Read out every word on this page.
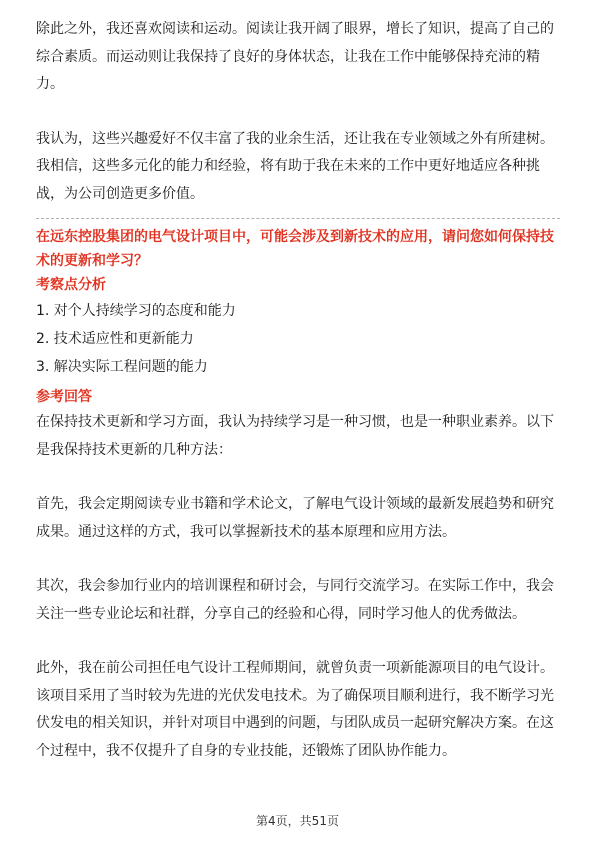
除此之外，我还喜欢阅读和运动。阅读让我开阔了眼界，增长了知识，提高了自己的综合素质。而运动则让我保持了良好的身体状态，让我在工作中能够保持充沛的精力。

我认为，这些兴趣爱好不仅丰富了我的业余生活，还让我在专业领域之外有所建树。我相信，这些多元化的能力和经验，将有助于我在未来的工作中更好地适应各种挑战，为公司创造更多价值。

在远东控股集团的电气设计项目中，可能会涉及到新技术的应用，请问您如何保持技术的更新和学习？

考察点分析

1. 对个人持续学习的态度和能力

2. 技术适应性和更新能力

3. 解决实际工程问题的能力

参考回答

在保持技术更新和学习方面，我认为持续学习是一种习惯，也是一种职业素养。以下是我保持技术更新的几种方法：

首先，我会定期阅读专业书籍和学术论文，了解电气设计领域的最新发展趋势和研究成果。通过这样的方式，我可以掌握新技术的基本原理和应用方法。

其次，我会参加行业内的培训课程和研讨会，与同行交流学习。在实际工作中，我会关注一些专业论坛和社群，分享自己的经验和心得，同时学习他人的优秀做法。

此外，我在前公司担任电气设计工程师期间，就曾负责一项新能源项目的电气设计。该项目采用了当时较为先进的光伏发电技术。为了确保项目顺利进行，我不断学习光伏发电的相关知识，并针对项目中遇到的问题，与团队成员一起研究解决方案。在这个过程中，我不仅提升了自身的专业技能，还锻炼了团队协作能力。

第4页，共51页
